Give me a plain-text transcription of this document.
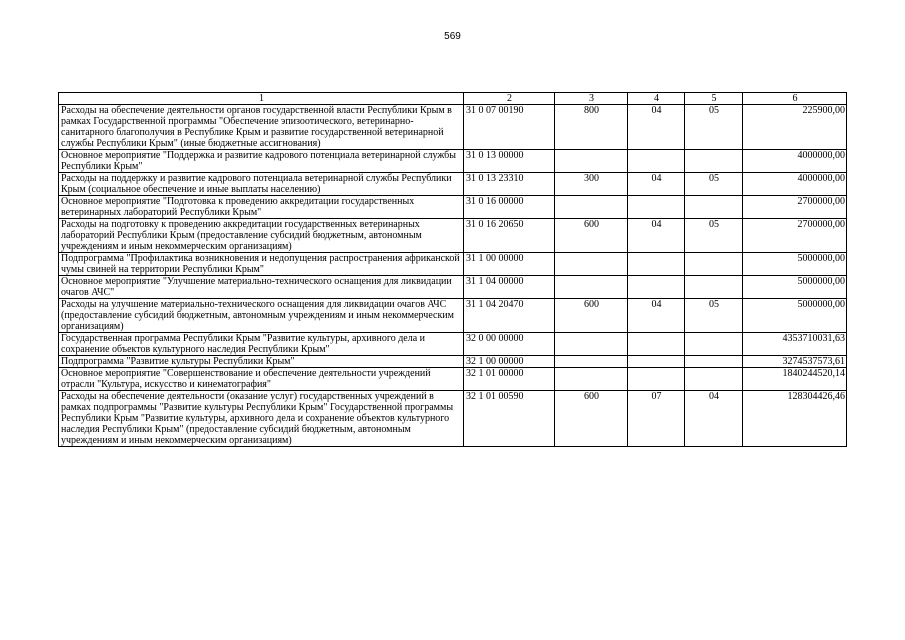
569
1	2	3	4	5	6
Расходы на обеспечение деятельности органов государственной власти Республики Крым в рамках Государственной программы "Обеспечение эпизоотического, ветеринарно-санитарного благополучия в Республике Крым и развитие государственной ветеринарной службы Республики Крым" (иные бюджетные ассигнования)	31 0 07 00190	800	04	05	225900,00
Основное мероприятие "Поддержка и развитие кадрового потенциала ветеринарной службы Республики Крым"	31 0 13 00000				4000000,00
Расходы на поддержку и развитие кадрового потенциала ветеринарной службы Республики Крым (социальное обеспечение и иные выплаты населению)	31 0 13 23310	300	04	05	4000000,00
Основное мероприятие "Подготовка к проведению аккредитации государственных ветеринарных лабораторий Республики Крым"	31 0 16 00000				2700000,00
Расходы на подготовку к проведению аккредитации государственных ветеринарных лабораторий Республики Крым (предоставление субсидий бюджетным, автономным учреждениям и иным некоммерческим организациям)	31 0 16 20650	600	04	05	2700000,00
Подпрограмма "Профилактика возникновения и недопущения распространения африканской чумы свиней на территории Республики Крым"	31 1 00 00000				5000000,00
Основное мероприятие "Улучшение материально-технического оснащения для ликвидации очагов АЧС"	31 1 04 00000				5000000,00
Расходы на улучшение материально-технического оснащения для ликвидации очагов АЧС (предоставление субсидий бюджетным, автономным учреждениям и иным некоммерческим организациям)	31 1 04 20470	600	04	05	5000000,00
Государственная программа Республики Крым "Развитие культуры, архивного дела и сохранение объектов культурного наследия Республики Крым"	32 0 00 00000				4353710031,63
Подпрограмма "Развитие культуры Республики Крым"	32 1 00 00000				3274537573,61
Основное мероприятие "Совершенствование и обеспечение деятельности учреждений отрасли "Культура, искусство и кинематография"	32 1 01 00000				1840244520,14
Расходы на обеспечение деятельности (оказание услуг) государственных учреждений в рамках подпрограммы "Развитие культуры Республики Крым" Государственной программы Республики Крым "Развитие культуры, архивного дела и сохранение объектов культурного наследия Республики Крым" (предоставление субсидий бюджетным, автономным учреждениям и иным некоммерческим организациям)	32 1 01 00590	600	07	04	128304426,46
